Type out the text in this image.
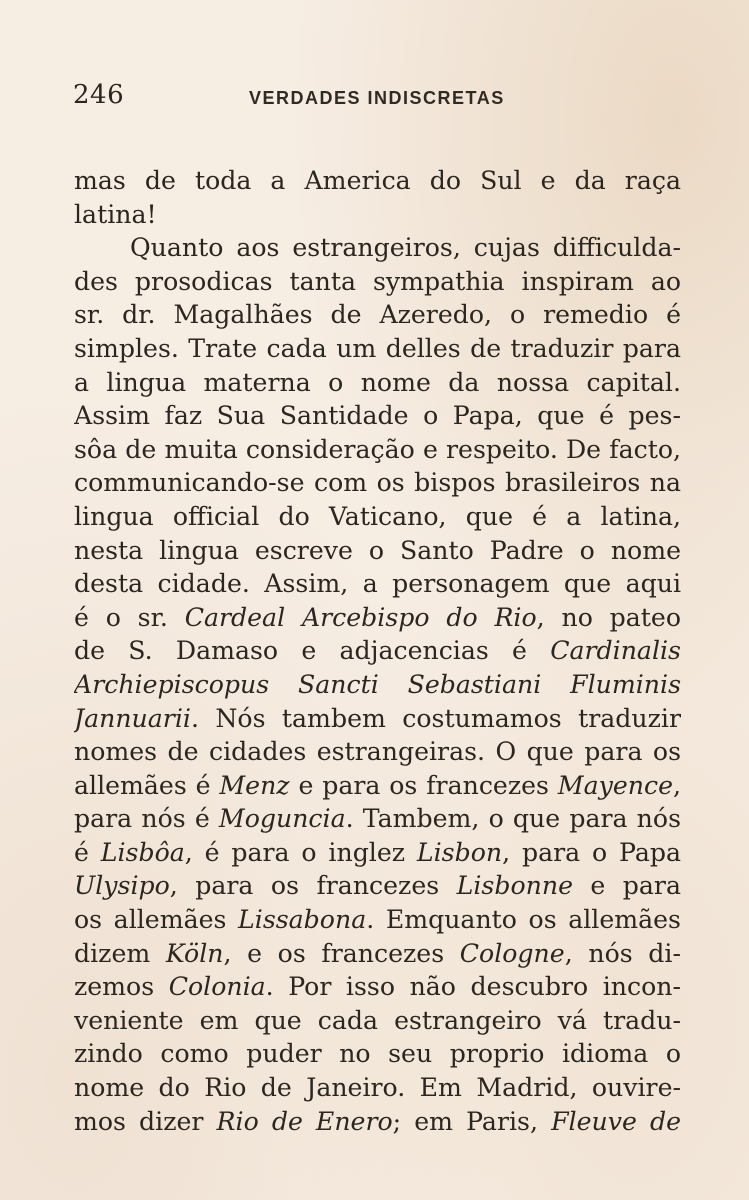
246	VERDADES INDISCRETAS
mas de toda a America do Sul e da raça
latina!
Quanto aos estrangeiros, cujas difficulda-
des prosodicas tanta sympathia inspiram ao
sr. dr. Magalhães de Azeredo, o remedio é
simples. Trate cada um delles de traduzir para
a lingua materna o nome da nossa capital.
Assim faz Sua Santidade o Papa, que é pes-
sôa de muita consideração e respeito. De facto,
communicando-se com os bispos brasileiros na
lingua official do Vaticano, que é a latina,
nesta lingua escreve o Santo Padre o nome
desta cidade. Assim, a personagem que aqui
é o sr. Cardeal Arcebispo do Rio, no pateo
de S. Damaso e adjacencias é Cardinalis
Archiepiscopus Sancti Sebastiani Fluminis
Jannuarii. Nós tambem costumamos traduzir
nomes de cidades estrangeiras. O que para os
allemães é Menz e para os francezes Mayence,
para nós é Moguncia. Tambem, o que para nós
é Lisbôa, é para o inglez Lisbon, para o Papa
Ulysipo, para os francezes Lisbonne e para
os allemães Lissabona. Emquanto os allemães
dizem Köln, e os francezes Cologne, nós di-
zemos Colonia. Por isso não descubro incon-
veniente em que cada estrangeiro vá tradu-
zindo como puder no seu proprio idioma o
nome do Rio de Janeiro. Em Madrid, ouvire-
mos dizer Rio de Enero; em Paris, Fleuve de
